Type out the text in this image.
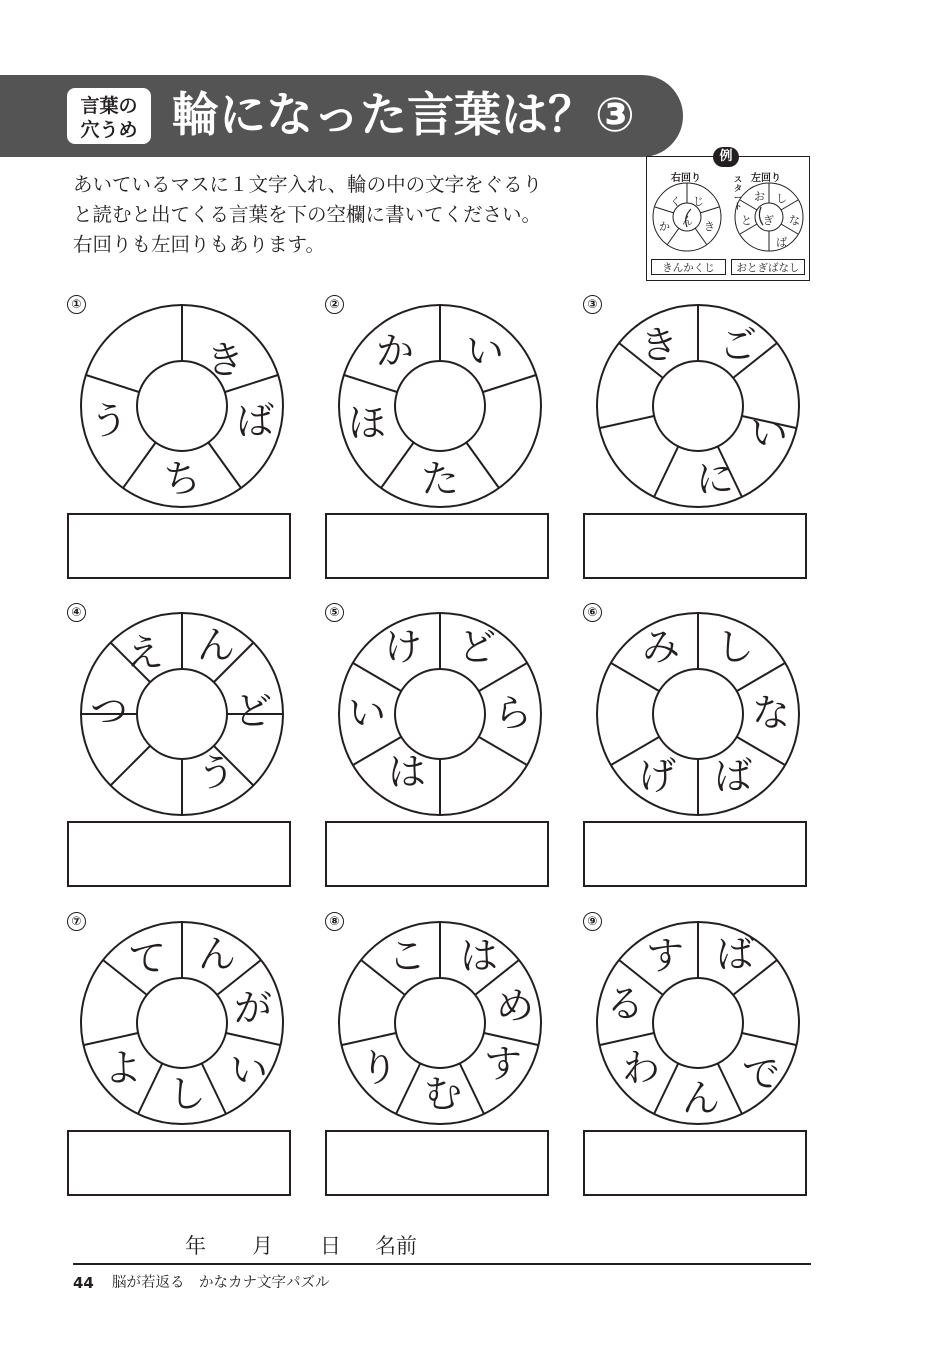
言葉の
穴うめ 輪になった言葉は？③
あいているマスに１文字入れ、輪の中の文字をぐるり
と読むと出てくる言葉を下の空欄に書いてください。
右回りも左回りもあります。
例
右回り	左回り
スタート
く じ
き
ん
か
お し
な
ば
ぎ
と
きんかくじ	おとぎばなし
①
き
ば
ち
う
②
い
た
ほ
か
③
ご
い
に
き
④
ん
ど
う
つ
え
⑤
ど
ら
は
い
け
⑥
し
な
ば
げ
み
⑦
ん
が
い
し
よ
て
⑧
は
め
す
む
り
こ
⑨
ば
で
ん
わ
る
す
年 月 日 名前
44 脳が若返る　かなカナ文字パズル
